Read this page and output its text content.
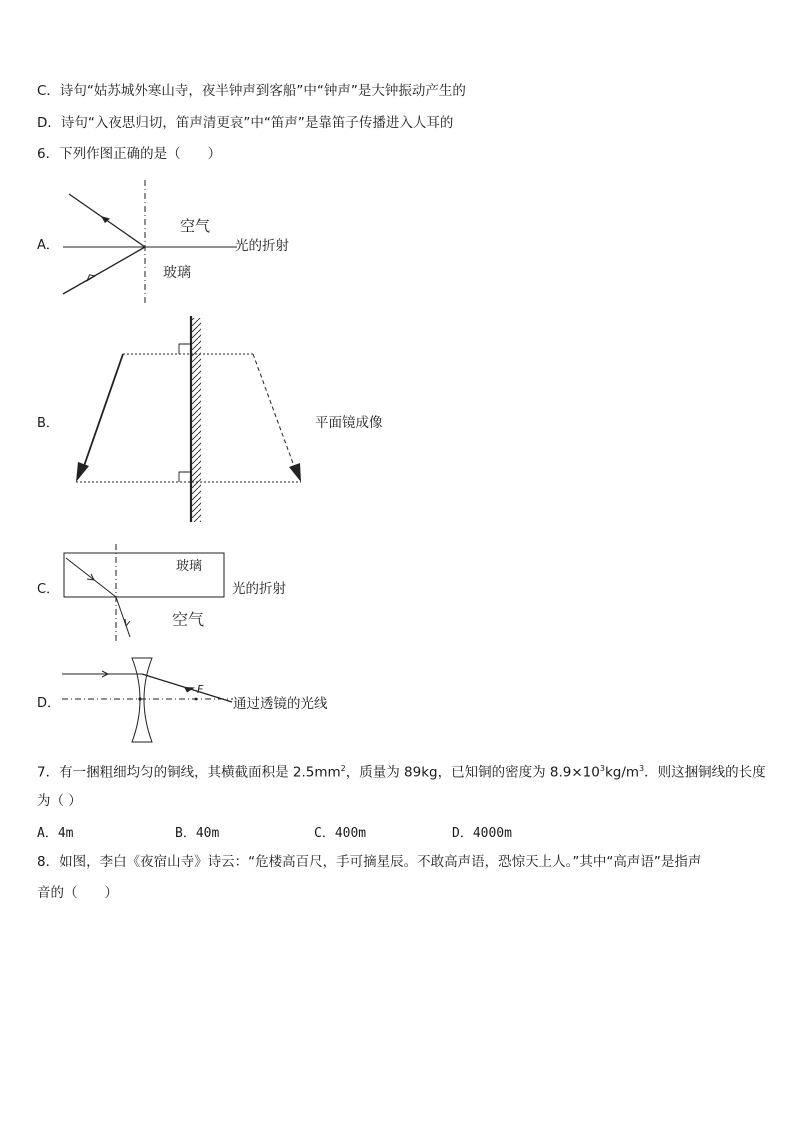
C．诗句“姑苏城外寒山寺，夜半钟声到客船”中“钟声”是大钟振动产生的
D．诗句“入夜思归切，笛声清更哀”中“笛声”是靠笛子传播进入人耳的
6．下列作图正确的是（　　）
A．
空气
玻璃
光的折射
B．	平面镜成像
C．
玻璃
空气
光的折射
D．
F
通过透镜的光线
7．有一捆粗细均匀的铜线，其横截面积是 $2.5mm^2$，质量为 89kg，已知铜的密度为 $8.9\times 10^3kg/m^3$．则这捆铜线的长度
为（ ）
A．4m	B．40m	C．400m	D．4000m
8．如图，李白《夜宿山寺》诗云：“危楼高百尺，手可摘星辰。不敢高声语，恐惊天上人。”其中“高声语”是指声
音的（　　）
